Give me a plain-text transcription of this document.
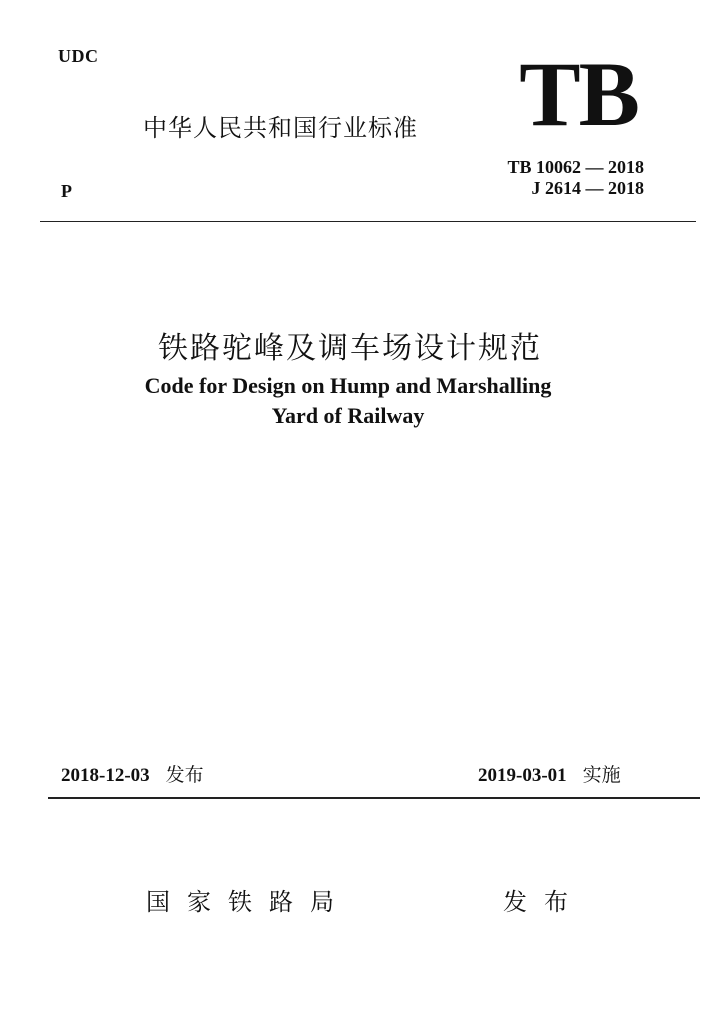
UDC
中华人民共和国行业标准 TB
TB 10062 — 2018
J 2614 — 2018
P
铁路驼峰及调车场设计规范
Code for Design on Hump and Marshalling
Yard of Railway
2018-12-03 发布	2019-03-01 实施
国家铁路局	发布
